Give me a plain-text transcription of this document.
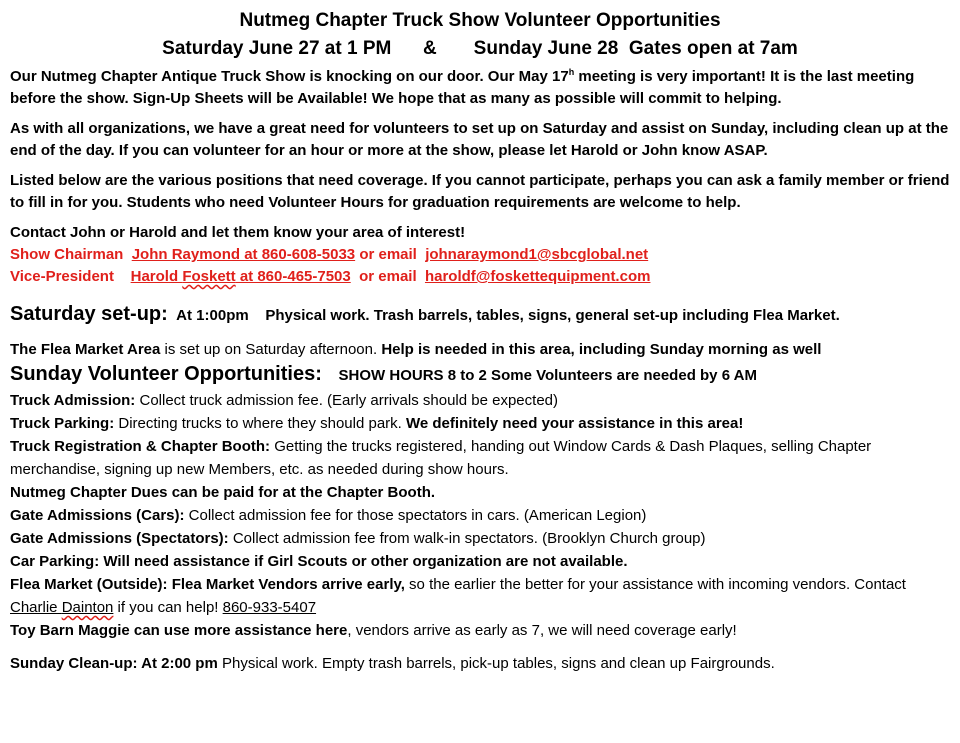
Nutmeg Chapter Truck Show Volunteer Opportunities
Saturday June 27 at 1 PM      &       Sunday June 28  Gates open at 7am

Our Nutmeg Chapter Antique Truck Show is knocking on our door. Our May 17$^h$ meeting is very important! It is the last meeting before the show. Sign-Up Sheets will be Available! We hope that as many as possible will commit to helping.

As with all organizations, we have a great need for volunteers to set up on Saturday and assist on Sunday, including clean up at the end of the day. If you can volunteer for an hour or more at the show, please let Harold or John know ASAP.

Listed below are the various positions that need coverage. If you cannot participate, perhaps you can ask a family member or friend to fill in for you. Students who need Volunteer Hours for graduation requirements are welcome to help.

Contact John or Harold and let them know your area of interest!

Show Chairman John Raymond at 860-608-5033 or email johnaraymond1@sbcglobal.net

Vice-President Harold Foskett at 860-465-7503 or email haroldf@foskettequipment.com

Saturday set-up: At 1:00pm Physical work. Trash barrels, tables, signs, general set-up including Flea Market.

The Flea Market Area is set up on Saturday afternoon. Help is needed in this area, including Sunday morning as well

Sunday Volunteer Opportunities: SHOW HOURS 8 to 2 Some Volunteers are needed by 6 AM

Truck Admission: Collect truck admission fee. (Early arrivals should be expected)

Truck Parking: Directing trucks to where they should park. We definitely need your assistance in this area!

Truck Registration & Chapter Booth: Getting the trucks registered, handing out Window Cards & Dash Plaques, selling Chapter merchandise, signing up new Members, etc. as needed during show hours.

Nutmeg Chapter Dues can be paid for at the Chapter Booth.

Gate Admissions (Cars): Collect admission fee for those spectators in cars. (American Legion)

Gate Admissions (Spectators): Collect admission fee from walk-in spectators. (Brooklyn Church group)

Car Parking: Will need assistance if Girl Scouts or other organization are not available.

Flea Market (Outside): Flea Market Vendors arrive early, so the earlier the better for your assistance with incoming vendors. Contact Charlie Dainton if you can help! 860-933-5407

Toy Barn Maggie can use more assistance here, vendors arrive as early as 7, we will need coverage early!

Sunday Clean-up: At 2:00 pm Physical work. Empty trash barrels, pick-up tables, signs and clean up Fairgrounds.
